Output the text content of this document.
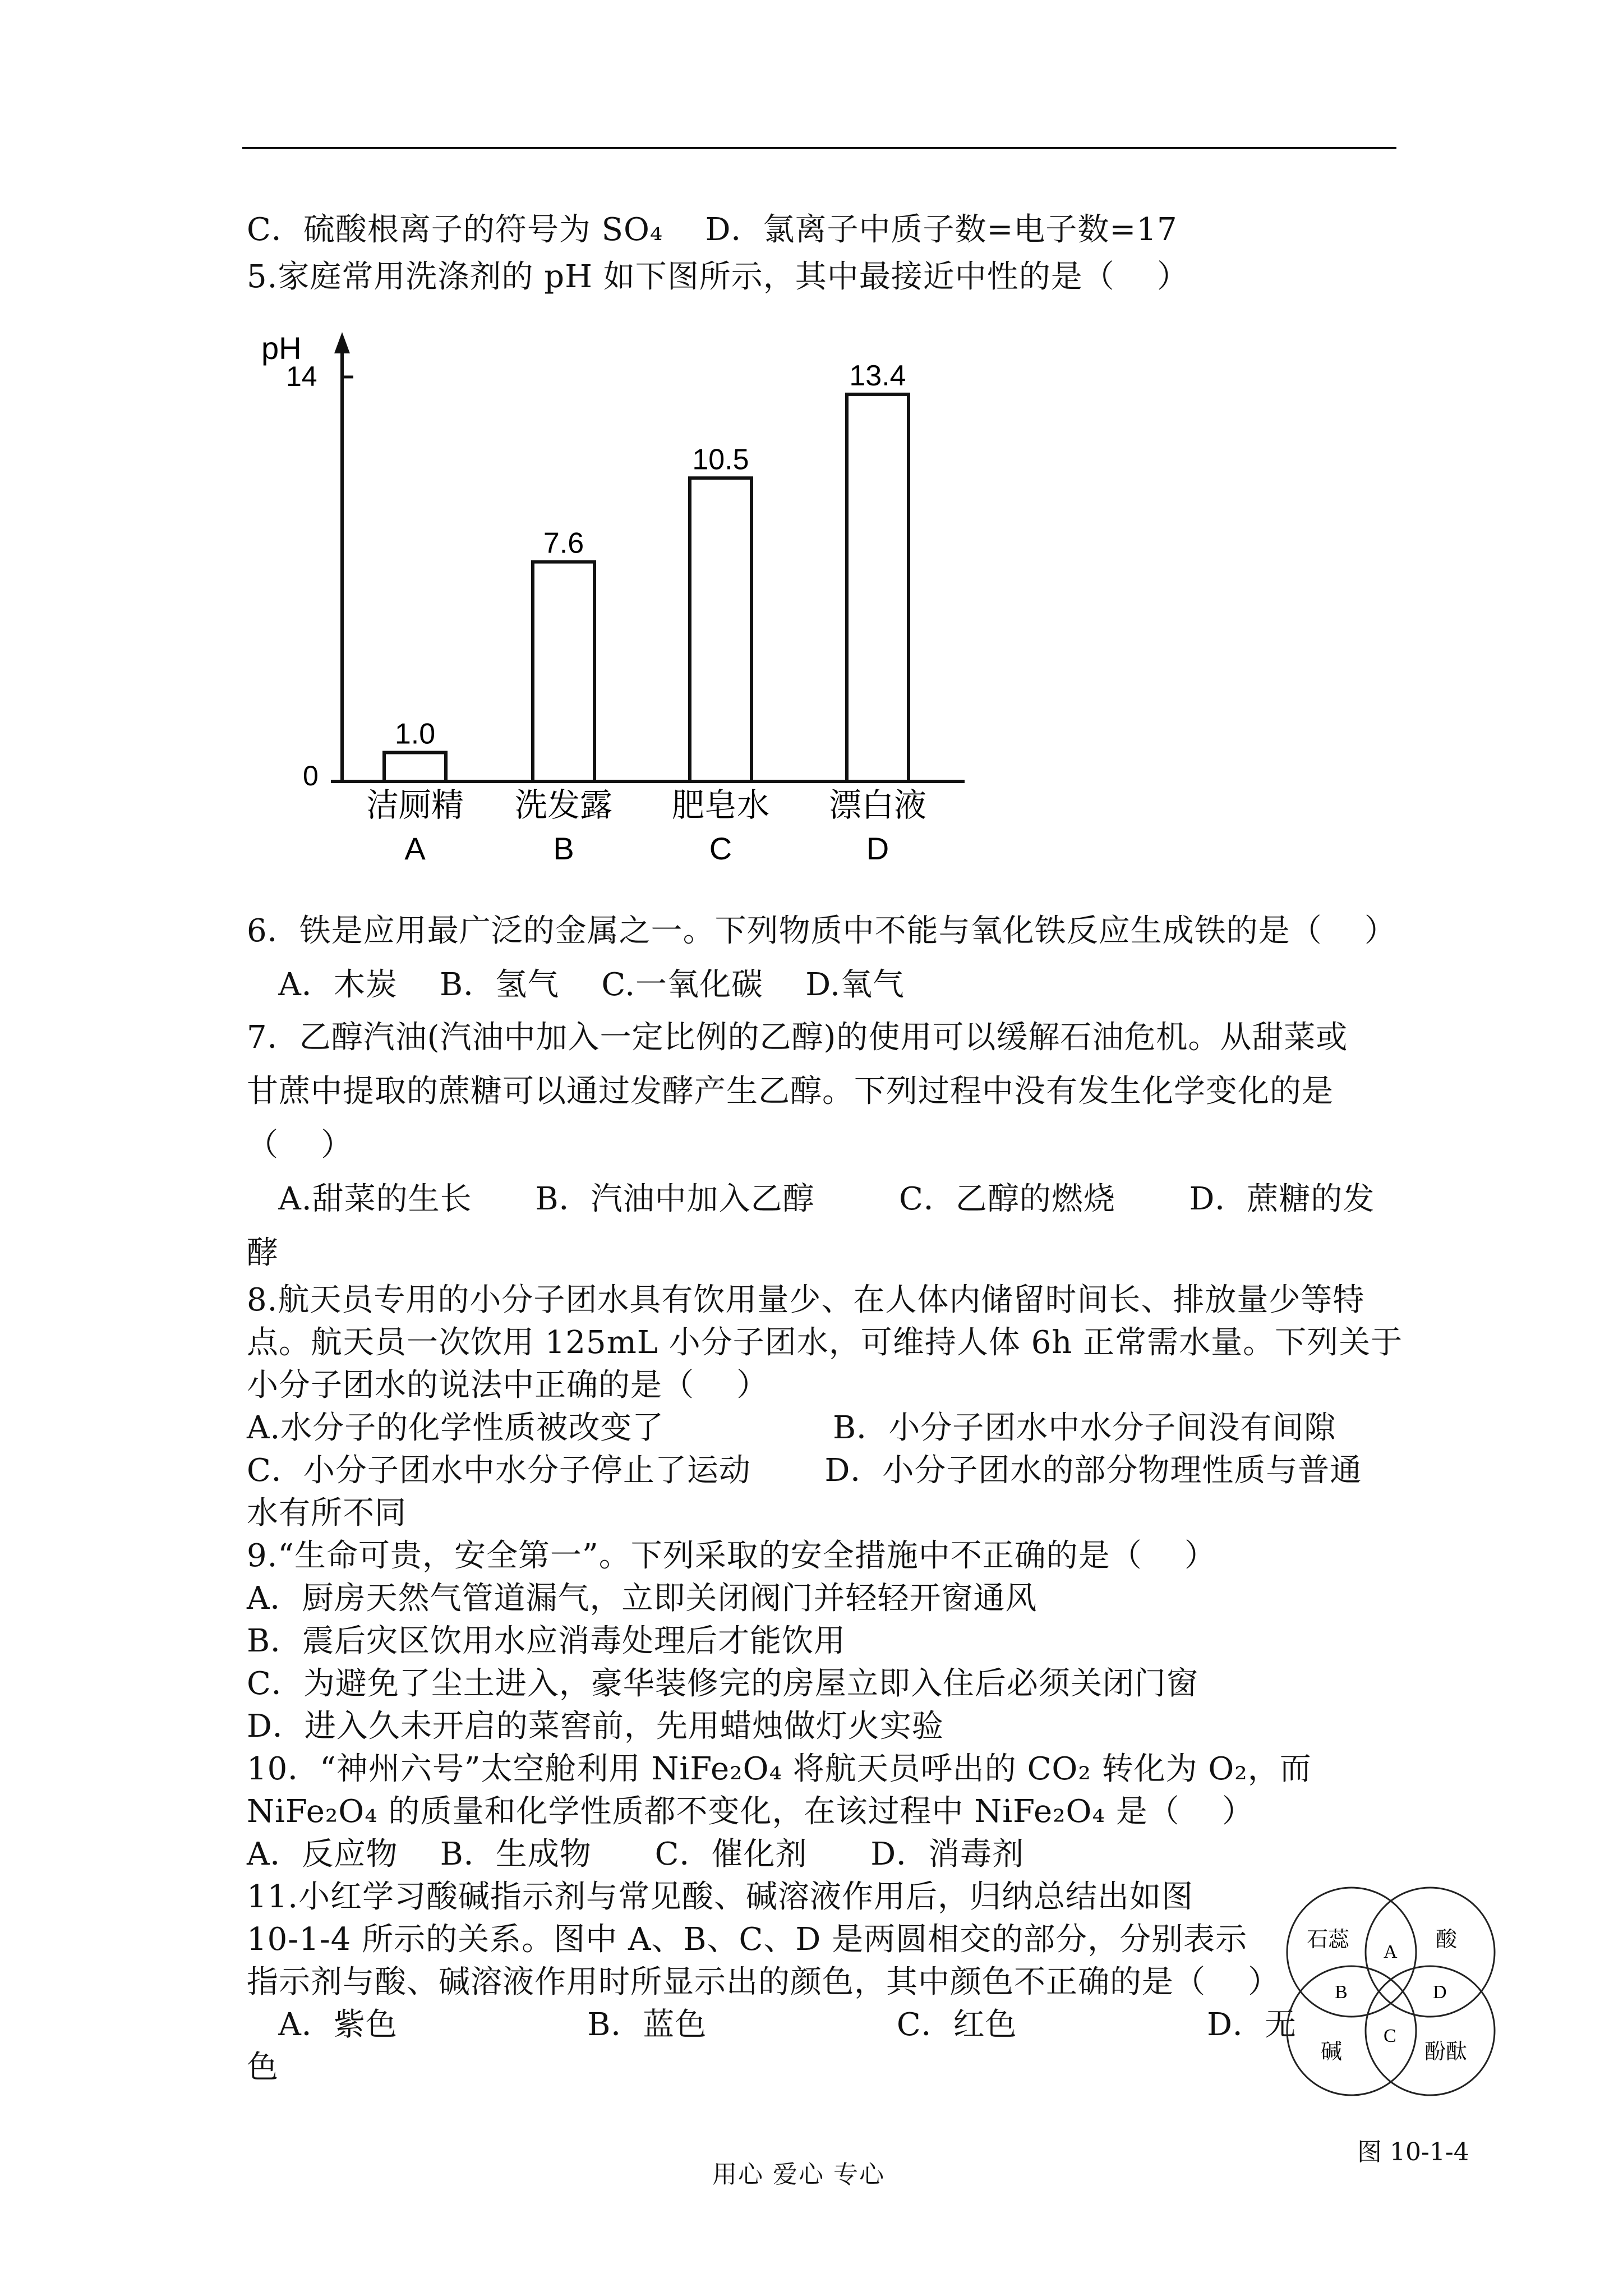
C．硫酸根离子的符号为 SO₄    D．氯离子中质子数=电子数=17
5.家庭常用洗涤剂的 pH 如下图所示，其中最接近中性的是（    ）
pH
14
0
1.0
洁厕精
A
7.6
洗发露
B
10.5
肥皂水
C
13.4
漂白液
D
6．铁是应用最广泛的金属之一。下列物质中不能与氧化铁反应生成铁的是（    ）
A．木炭    B．氢气    C.一氧化碳    D.氧气
7．乙醇汽油(汽油中加入一定比例的乙醇)的使用可以缓解石油危机。从甜菜或
甘蔗中提取的蔗糖可以通过发酵产生乙醇。下列过程中没有发生化学变化的是
（    ）
A.甜菜的生长      B．汽油中加入乙醇        C．乙醇的燃烧       D．蔗糖的发
酵
8.航天员专用的小分子团水具有饮用量少、在人体内储留时间长、排放量少等特
点。航天员一次饮用 125mL 小分子团水，可维持人体 6h 正常需水量。下列关于
小分子团水的说法中正确的是（    ）
A.水分子的化学性质被改变了                B．小分子团水中水分子间没有间隙
C．小分子团水中水分子停止了运动       D．小分子团水的部分物理性质与普通
水有所不同
9.“生命可贵，安全第一”。下列采取的安全措施中不正确的是（    ）
A．厨房天然气管道漏气，立即关闭阀门并轻轻开窗通风
B．震后灾区饮用水应消毒处理后才能饮用
C．为避免了尘土进入，豪华装修完的房屋立即入住后必须关闭门窗
D．进入久未开启的菜窖前，先用蜡烛做灯火实验
10．“神州六号”太空舱利用 NiFe₂O₄ 将航天员呼出的 CO₂ 转化为 O₂，而
NiFe₂O₄ 的质量和化学性质都不变化，在该过程中 NiFe₂O₄ 是（    ）
A．反应物    B．生成物      C．催化剂      D．消毒剂
11.小红学习酸碱指示剂与常见酸、碱溶液作用后，归纳总结出如图
10-1-4 所示的关系。图中 A、B、C、D 是两圆相交的部分，分别表示
指示剂与酸、碱溶液作用时所显示出的颜色，其中颜色不正确的是（    ）
A．紫色                  B．蓝色                  C．红色                  D．无
色
石蕊	酸
碱	酚酞
A
B
C
D
图 10-1-4
用心 爱心 专心
